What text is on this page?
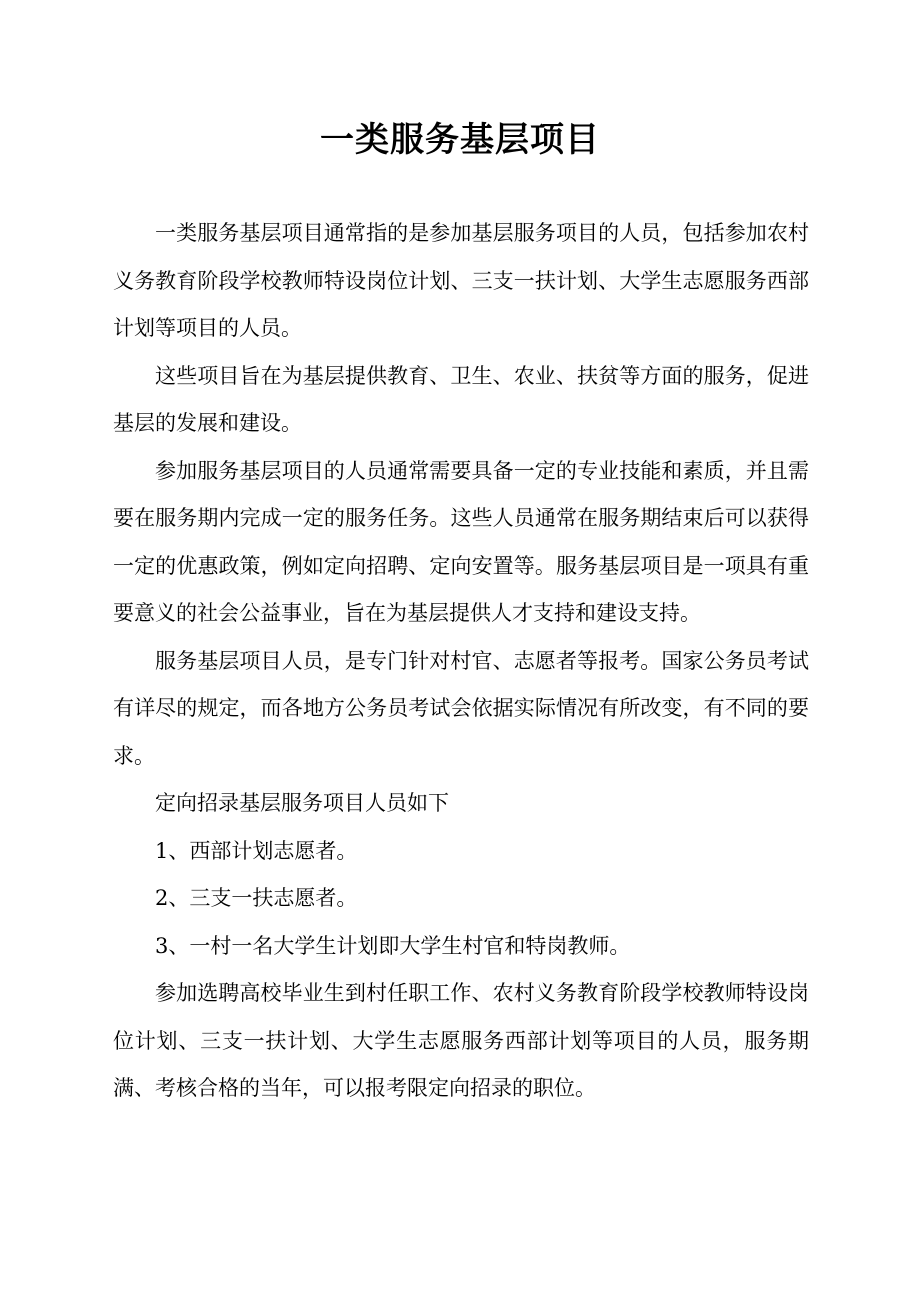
一类服务基层项目

一类服务基层项目通常指的是参加基层服务项目的人员，包括参加农村义务教育阶段学校教师特设岗位计划、三支一扶计划、大学生志愿服务西部计划等项目的人员。

这些项目旨在为基层提供教育、卫生、农业、扶贫等方面的服务，促进基层的发展和建设。

参加服务基层项目的人员通常需要具备一定的专业技能和素质，并且需要在服务期内完成一定的服务任务。这些人员通常在服务期结束后可以获得一定的优惠政策，例如定向招聘、定向安置等。服务基层项目是一项具有重要意义的社会公益事业，旨在为基层提供人才支持和建设支持。

服务基层项目人员，是专门针对村官、志愿者等报考。国家公务员考试有详尽的规定，而各地方公务员考试会依据实际情况有所改变，有不同的要求。

定向招录基层服务项目人员如下

1、西部计划志愿者。

2、三支一扶志愿者。

3、一村一名大学生计划即大学生村官和特岗教师。

参加选聘高校毕业生到村任职工作、农村义务教育阶段学校教师特设岗位计划、三支一扶计划、大学生志愿服务西部计划等项目的人员，服务期满、考核合格的当年，可以报考限定向招录的职位。
